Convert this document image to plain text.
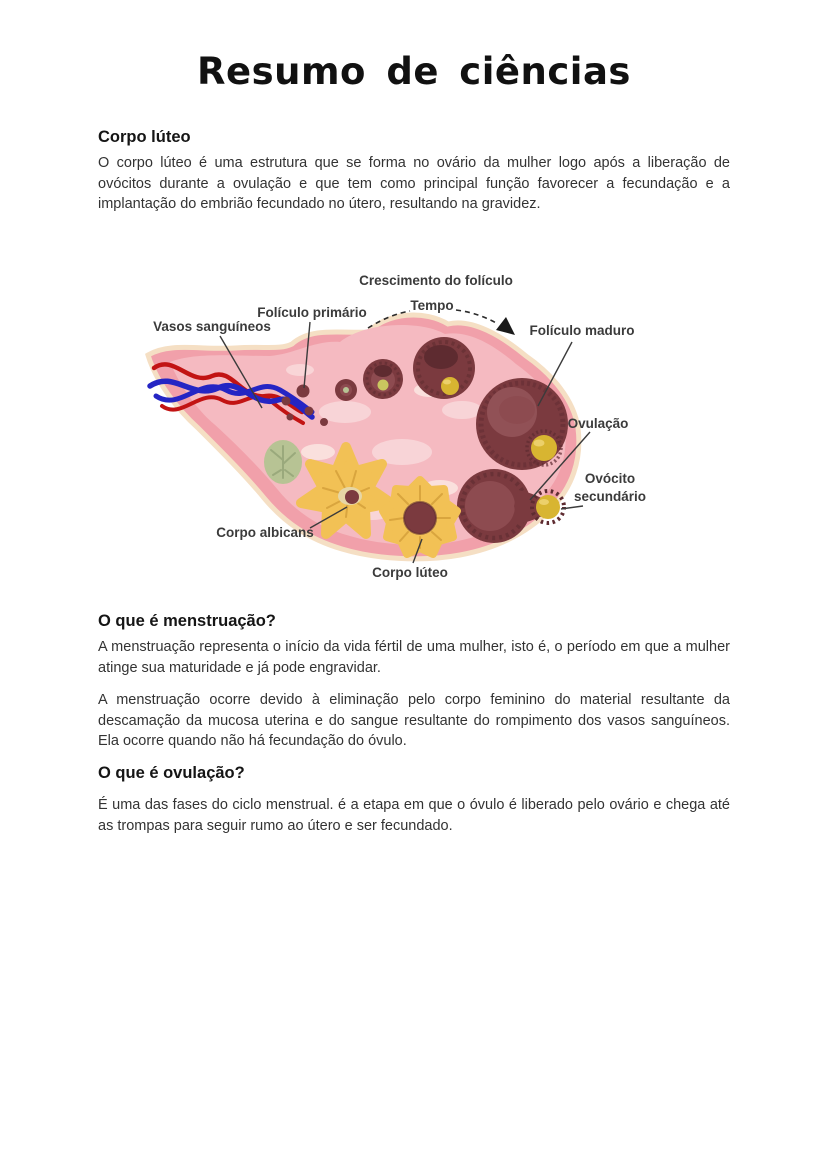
Resumo de ciências
Corpo lúteo

O corpo lúteo é uma estrutura que se forma no ovário da mulher logo após a liberação de ovócitos durante a ovulação e que tem como principal função favorecer a fecundação e a implantação do embrião fecundado no útero, resultando na gravidez.

Crescimento do folículo
Tempo
Folículo primário
Vasos sanguíneos	Folículo maduro
Ovulação
Ovócito
secundário
Corpo albicans
Corpo lúteo
O que é menstruação?

A menstruação representa o início da vida fértil de uma mulher, isto é, o período em que a mulher atinge sua maturidade e já pode engravidar.

A menstruação ocorre devido à eliminação pelo corpo feminino do material resultante da descamação da mucosa uterina e do sangue resultante do rompimento dos vasos sanguíneos. Ela ocorre quando não há fecundação do óvulo.

O que é ovulação?

É uma das fases do ciclo menstrual. é a etapa em que o óvulo é liberado pelo ovário e chega até as trompas para seguir rumo ao útero e ser fecundado.
